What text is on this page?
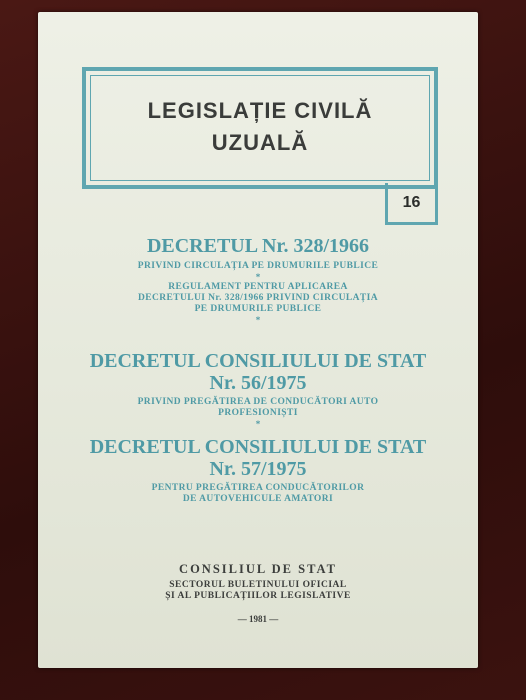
LEGISLAȚIE CIVILĂ
UZUALĂ
16
DECRETUL Nr. 328/1966
PRIVIND CIRCULAȚIA PE DRUMURILE PUBLICE
*
REGULAMENT PENTRU APLICAREA
DECRETULUI Nr. 328/1966 PRIVIND CIRCULAȚIA
PE DRUMURILE PUBLICE
*
DECRETUL CONSILIULUI DE STAT
Nr. 56/1975
PRIVIND PREGĂTIREA DE CONDUCĂTORI AUTO
PROFESIONIȘTI
*
DECRETUL CONSILIULUI DE STAT
Nr. 57/1975
PENTRU PREGĂTIREA CONDUCĂTORILOR
DE AUTOVEHICULE AMATORI
CONSILIUL DE STAT
SECTORUL BULETINULUI OFICIAL
ȘI AL PUBLICAȚIILOR LEGISLATIVE
— 1981 —
